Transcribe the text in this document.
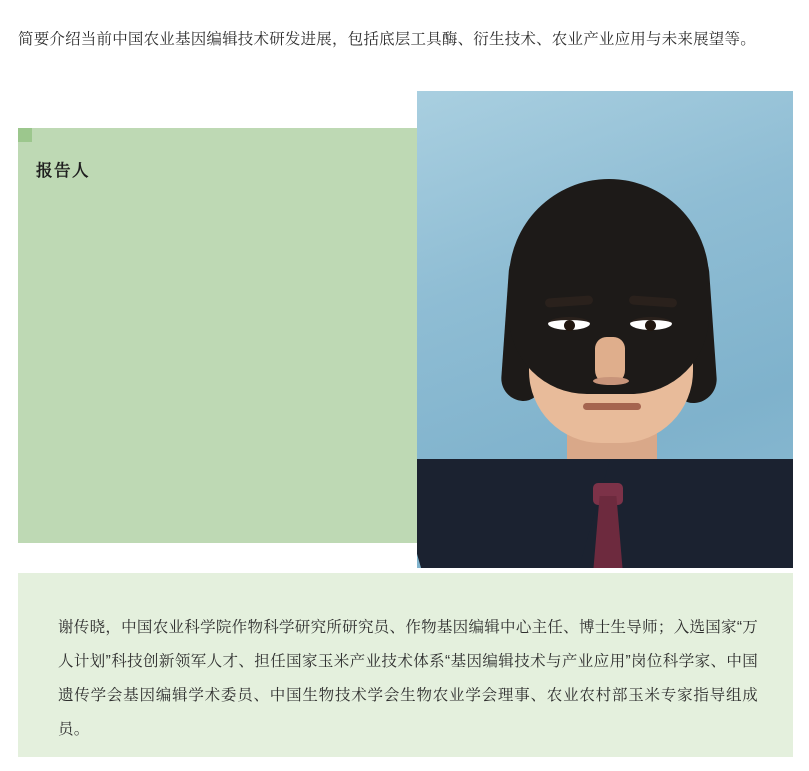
简要介绍当前中国农业基因编辑技术研发进展，包括底层工具酶、衍生技术、农业产业应用与未来展望等。

报告人

谢传晓，中国农业科学院作物科学研究所研究员、作物基因编辑中心主任、博士生导师；入选国家“万人计划”科技创新领军人才、担任国家玉米产业技术体系“基因编辑技术与产业应用”岗位科学家、中国遗传学会基因编辑学术委员、中国生物技术学会生物农业学会理事、农业农村部玉米专家指导组成员。
